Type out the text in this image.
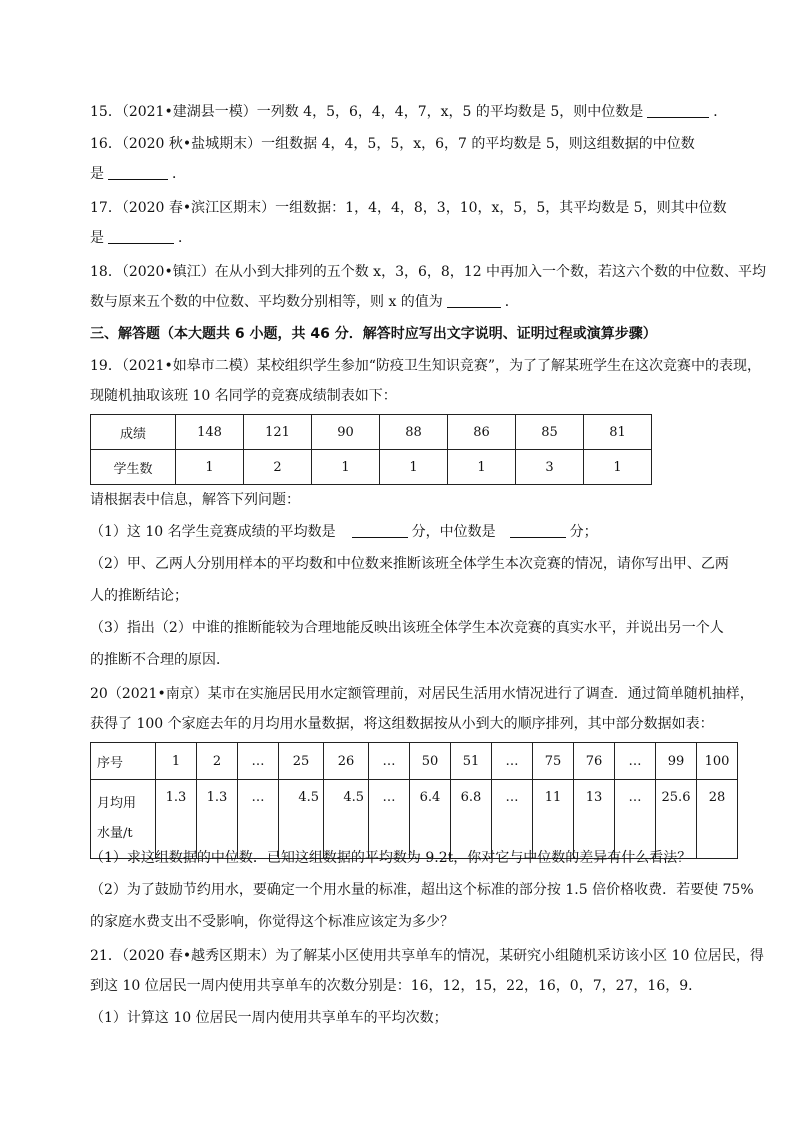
15．（2021•建湖县一模）一列数 4，5，6，4，4，7，x，5 的平均数是 5，则中位数是	．
16．（2020 秋•盐城期末）一组数据 4，4，5，5，x，6，7 的平均数是 5，则这组数据的中位数
是	．
17．（2020 春•滨江区期末）一组数据：1，4，4，8，3，10，x，5，5，其平均数是 5，则其中位数
是	．
18．（2020•镇江）在从小到大排列的五个数 x，3，6，8，12 中再加入一个数，若这六个数的中位数、平均
数与原来五个数的中位数、平均数分别相等，则 x 的值为	．
三、解答题（本大题共 6 小题，共 46 分．解答时应写出文字说明、证明过程或演算步骤）
19．（2021•如皋市二模）某校组织学生参加“防疫卫生知识竞赛”，为了了解某班学生在这次竞赛中的表现，
现随机抽取该班 10 名同学的竞赛成绩制表如下：
成绩	148	121	90	88	86	85	81
学生数	1	2	1	1	1	3	1
请根据表中信息，解答下列问题：
（1）这 10 名学生竞赛成绩的平均数是	分，中位数是	分；
（2）甲、乙两人分别用样本的平均数和中位数来推断该班全体学生本次竞赛的情况，请你写出甲、乙两
人的推断结论；
（3）指出（2）中谁的推断能较为合理地能反映出该班全体学生本次竞赛的真实水平，并说出另一个人
的推断不合理的原因．
20（2021•南京）某市在实施居民用水定额管理前，对居民生活用水情况进行了调查．通过简单随机抽样，
获得了 100 个家庭去年的月均用水量数据，将这组数据按从小到大的顺序排列，其中部分数据如表：
序号	1	2	…	25	26	…	50	51	…	75	76	…	99	100

月均用
水量/t	1.3	1.3	…	4.5	4.5	…	6.4	6.8	…	11	13	…	25.6	28
（1）求这组数据的中位数．已知这组数据的平均数为 9.2t，你对它与中位数的差异有什么看法？
（2）为了鼓励节约用水，要确定一个用水量的标准，超出这个标准的部分按 1.5 倍价格收费．若要使 75%
的家庭水费支出不受影响，你觉得这个标准应该定为多少？
21．（2020 春•越秀区期末）为了解某小区使用共享单车的情况，某研究小组随机采访该小区 10 位居民，得
到这 10 位居民一周内使用共享单车的次数分别是：16，12，15，22，16，0，7，27，16，9．
（1）计算这 10 位居民一周内使用共享单车的平均次数；
